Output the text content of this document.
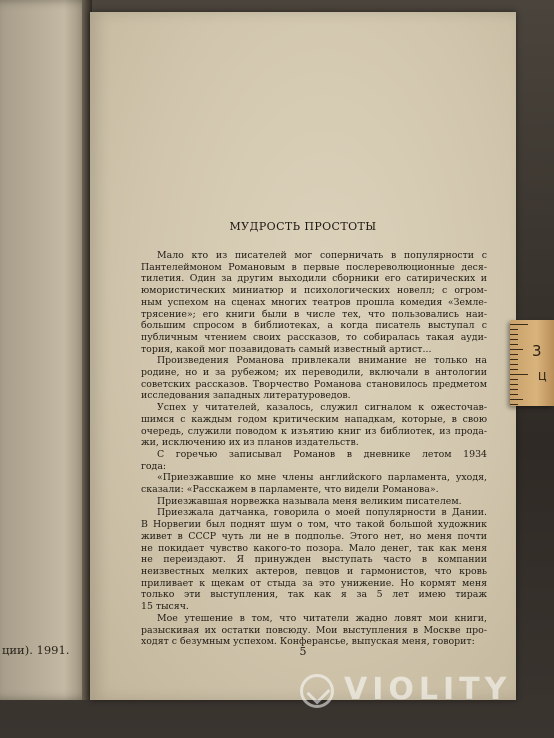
ции). 1991.
МУДРОСТЬ ПРОСТОТЫ

Мало кто из писателей мог соперничать в популярности с
Пантелеймоном Романовым в первые послереволюционные деся-
тилетия. Один за другим выходили сборники его сатирических и
юмористических миниатюр и психологических новелл; с огром-
ным успехом на сценах многих театров прошла комедия «Земле-
трясение»; его книги были в числе тех, что пользовались наи-
большим спросом в библиотеках, а когда писатель выступал с
публичным чтением своих рассказов, то собиралась такая ауди-
тория, какой мог позавидовать самый известный артист...

Произведения Романова привлекали внимание не только на
родине, но и за рубежом; их переводили, включали в антологии
советских рассказов. Творчество Романова становилось предметом
исследования западных литературоведов.

Успех у читателей, казалось, служил сигналом к ожесточав-
шимся с каждым годом критическим нападкам, которые, в свою
очередь, служили поводом к изъятию книг из библиотек, из прода-
жи, исключению их из планов издательств.

С горечью записывал Романов в дневнике летом 1934
года:

«Приезжавшие ко мне члены английского парламента, уходя,
сказали: «Расскажем в парламенте, что видели Романова».

Приезжавшая норвежка называла меня великим писателем.

Приезжала датчанка, говорила о моей популярности в Дании.
В Норвегии был поднят шум о том, что такой большой художник
живет в СССР чуть ли не в подполье. Этого нет, но меня почти
не покидает чувство какого-то позора. Мало денег, так как меня
не переиздают. Я принужден выступать часто в компании
неизвестных мелких актеров, певцов и гармонистов, что кровь
приливает к щекам от стыда за это унижение. Но кормят меня
только эти выступления, так как я за 5 лет имею тираж
15 тысяч.

Мое утешение в том, что читатели жадно ловят мои книги,
разыскивая их остатки повсюду. Мои выступления в Москве про-
ходят с безумным успехом. Конферансье, выпуская меня, говорит:

5
3
Ц
VIOLITY
